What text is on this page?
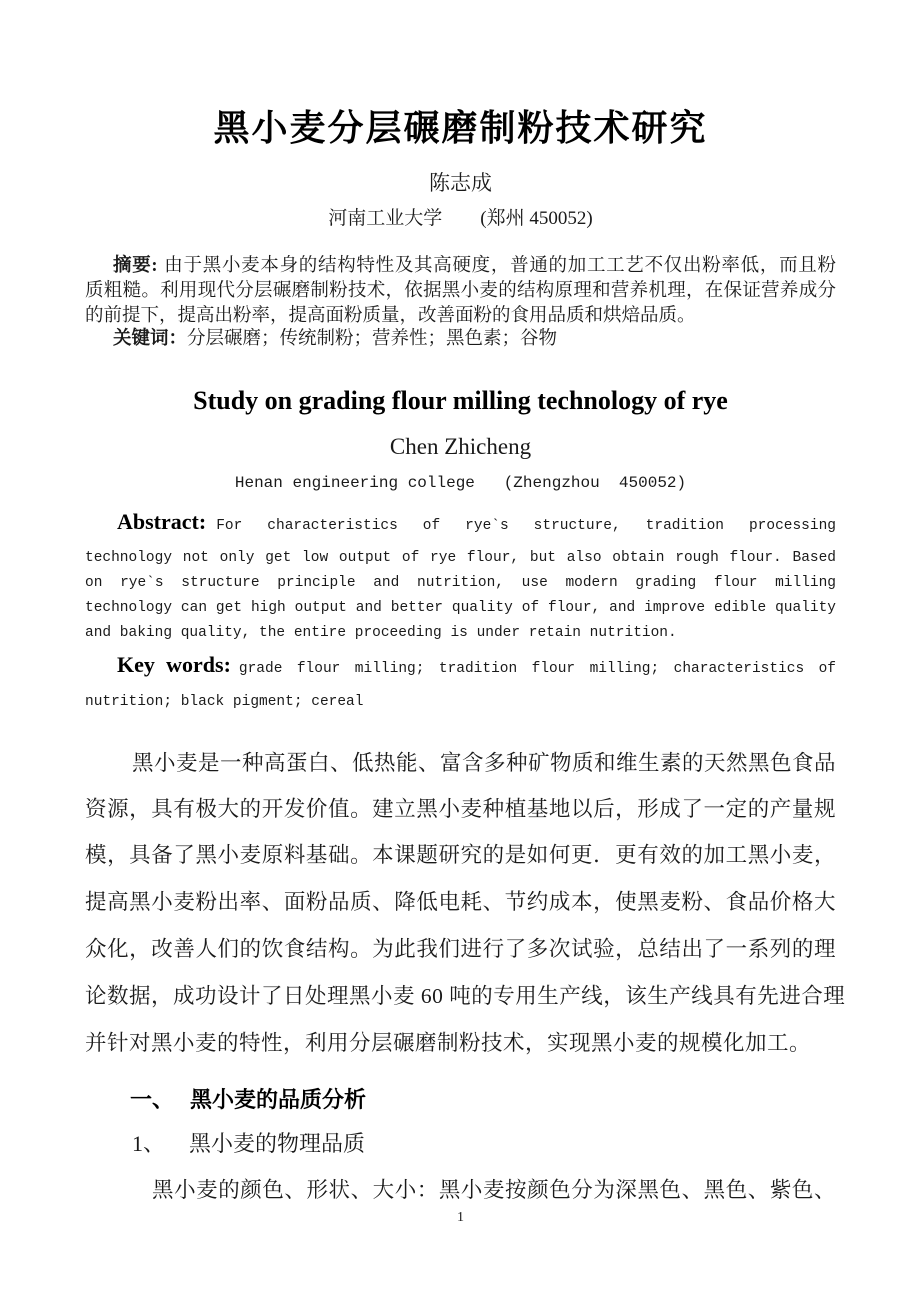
黑小麦分层碾磨制粉技术研究
陈志成
河南工业大学　　(郑州 450052)
摘要: 由于黑小麦本身的结构特性及其高硬度，普通的加工工艺不仅出粉率低，而且粉
质粗糙。利用现代分层碾磨制粉技术，依据黑小麦的结构原理和营养机理，在保证营养成分
的前提下，提高出粉率，提高面粉质量，改善面粉的食用品质和烘焙品质。
关键词：分层碾磨；传统制粉；营养性；黑色素；谷物
Study on grading flour milling technology of rye
Chen Zhicheng
Henan engineering college   (Zhengzhou  450052)
Abstract: For characteristics of rye`s structure, tradition processing
technology not only get low output of rye flour, but also obtain rough flour. Based
on rye`s structure principle and nutrition, use modern grading flour milling
technology can get high output and better quality of flour, and improve edible quality
and baking quality, the entire proceeding is under retain nutrition.
Key words: grade flour milling; tradition flour milling; characteristics of
nutrition; black pigment; cereal
黑小麦是一种高蛋白、低热能、富含多种矿物质和维生素的天然黑色食品
资源，具有极大的开发价值。建立黑小麦种植基地以后，形成了一定的产量规
模，具备了黑小麦原料基础。本课题研究的是如何更．更有效的加工黑小麦，
提高黑小麦粉出率、面粉品质、降低电耗、节约成本，使黑麦粉、食品价格大
众化，改善人们的饮食结构。为此我们进行了多次试验，总结出了一系列的理
论数据，成功设计了日处理黑小麦 60 吨的专用生产线，该生产线具有先进合理
并针对黑小麦的特性，利用分层碾磨制粉技术，实现黑小麦的规模化加工。
一、 黑小麦的品质分析
1、 黑小麦的物理品质
黑小麦的颜色、形状、大小：黑小麦按颜色分为深黑色、黑色、紫色、
1
